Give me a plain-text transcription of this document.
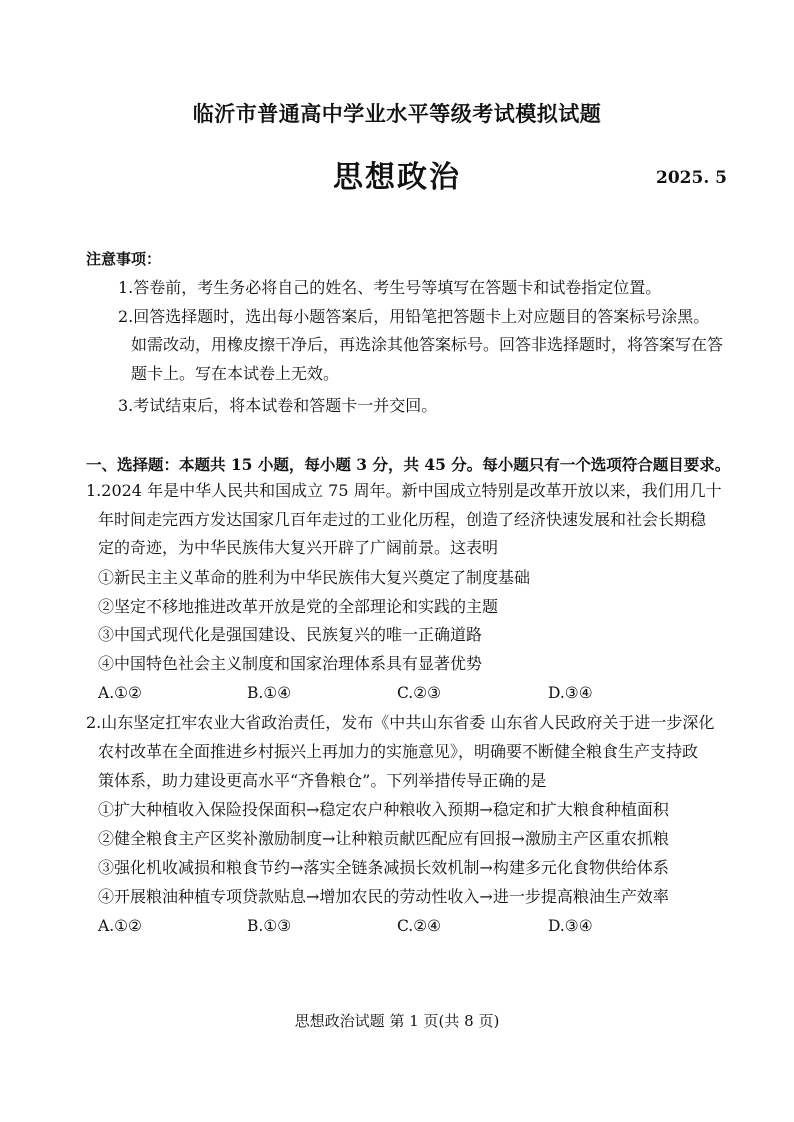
临沂市普通高中学业水平等级考试模拟试题
思想政治	2025. 5
注意事项：
1.答卷前，考生务必将自己的姓名、考生号等填写在答题卡和试卷指定位置。
2.回答选择题时，选出每小题答案后，用铅笔把答题卡上对应题目的答案标号涂黑。
如需改动，用橡皮擦干净后，再选涂其他答案标号。回答非选择题时，将答案写在答
题卡上。写在本试卷上无效。
3.考试结束后，将本试卷和答题卡一并交回。
一、选择题：本题共 15 小题，每小题 3 分，共 45 分。每小题只有一个选项符合题目要求。
1.2024 年是中华人民共和国成立 75 周年。新中国成立特别是改革开放以来，我们用几十
年时间走完西方发达国家几百年走过的工业化历程，创造了经济快速发展和社会长期稳
定的奇迹，为中华民族伟大复兴开辟了广阔前景。这表明
①新民主主义革命的胜利为中华民族伟大复兴奠定了制度基础
②坚定不移地推进改革开放是党的全部理论和实践的主题
③中国式现代化是强国建设、民族复兴的唯一正确道路
④中国特色社会主义制度和国家治理体系具有显著优势
A.①②	B.①④	C.②③	D.③④
2.山东坚定扛牢农业大省政治责任，发布《中共山东省委 山东省人民政府关于进一步深化
农村改革在全面推进乡村振兴上再加力的实施意见》，明确要不断健全粮食生产支持政
策体系，助力建设更高水平“齐鲁粮仓”。下列举措传导正确的是
①扩大种植收入保险投保面积→稳定农户种粮收入预期→稳定和扩大粮食种植面积
②健全粮食主产区奖补激励制度→让种粮贡献匹配应有回报→激励主产区重农抓粮
③强化机收减损和粮食节约→落实全链条减损长效机制→构建多元化食物供给体系
④开展粮油种植专项贷款贴息→增加农民的劳动性收入→进一步提高粮油生产效率
A.①②	B.①③	C.②④	D.③④
思想政治试题 第 1 页(共 8 页)
